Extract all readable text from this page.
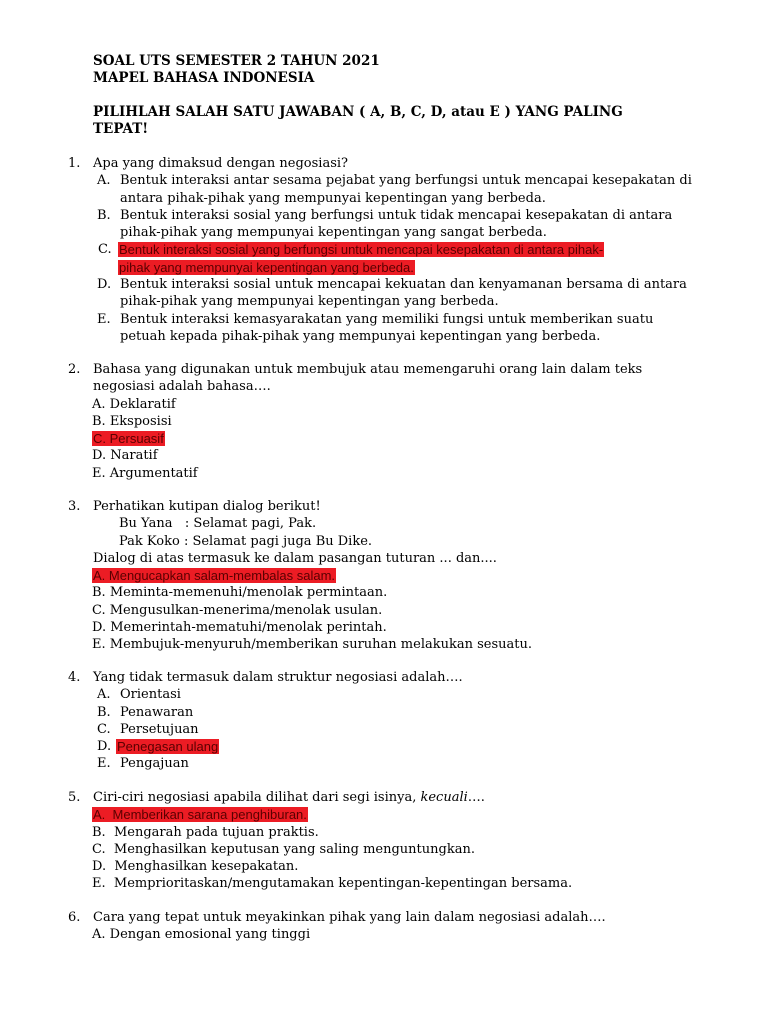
SOAL UTS SEMESTER 2 TAHUN 2021
MAPEL BAHASA INDONESIA
PILIHLAH SALAH SATU JAWABAN ( A, B, C, D, atau E ) YANG PALING
TEPAT!
1. Apa yang dimaksud dengan negosiasi?
A. Bentuk interaksi antar sesama pejabat yang berfungsi untuk mencapai kesepakatan di
antara pihak-pihak yang mempunyai kepentingan yang berbeda.
B. Bentuk interaksi sosial yang berfungsi untuk tidak mencapai kesepakatan di antara
pihak-pihak yang mempunyai kepentingan yang sangat berbeda.
C. Bentuk interaksi sosial yang berfungsi untuk mencapai kesepakatan di antara pihak-
pihak yang mempunyai kepentingan yang berbeda.
D. Bentuk interaksi sosial untuk mencapai kekuatan dan kenyamanan bersama di antara
pihak-pihak yang mempunyai kepentingan yang berbeda.
E. Bentuk interaksi kemasyarakatan yang memiliki fungsi untuk memberikan suatu
petuah kepada pihak-pihak yang mempunyai kepentingan yang berbeda.
2. Bahasa yang digunakan untuk membujuk atau memengaruhi orang lain dalam teks
negosiasi adalah bahasa….
A. Deklaratif
B. Eksposisi
C. Persuasif
D. Naratif
E. Argumentatif
3. Perhatikan kutipan dialog berikut!
Bu Yana   : Selamat pagi, Pak.
Pak Koko : Selamat pagi juga Bu Dike.
Dialog di atas termasuk ke dalam pasangan tuturan ... dan....
A. Mengucapkan salam-membalas salam.
B. Meminta-memenuhi/menolak permintaan.
C. Mengusulkan-menerima/menolak usulan.
D. Memerintah-mematuhi/menolak perintah.
E. Membujuk-menyuruh/memberikan suruhan melakukan sesuatu.
4. Yang tidak termasuk dalam struktur negosiasi adalah….
A. Orientasi
B. Penawaran
C. Persetujuan
D. Penegasan ulang
E. Pengajuan
5. Ciri-ciri negosiasi apabila dilihat dari segi isinya, kecuali….
A.  Memberikan sarana penghiburan.
B.  Mengarah pada tujuan praktis.
C.  Menghasilkan keputusan yang saling menguntungkan.
D.  Menghasilkan kesepakatan.
E.  Memprioritaskan/mengutamakan kepentingan-kepentingan bersama.
6. Cara yang tepat untuk meyakinkan pihak yang lain dalam negosiasi adalah….
A. Dengan emosional yang tinggi
